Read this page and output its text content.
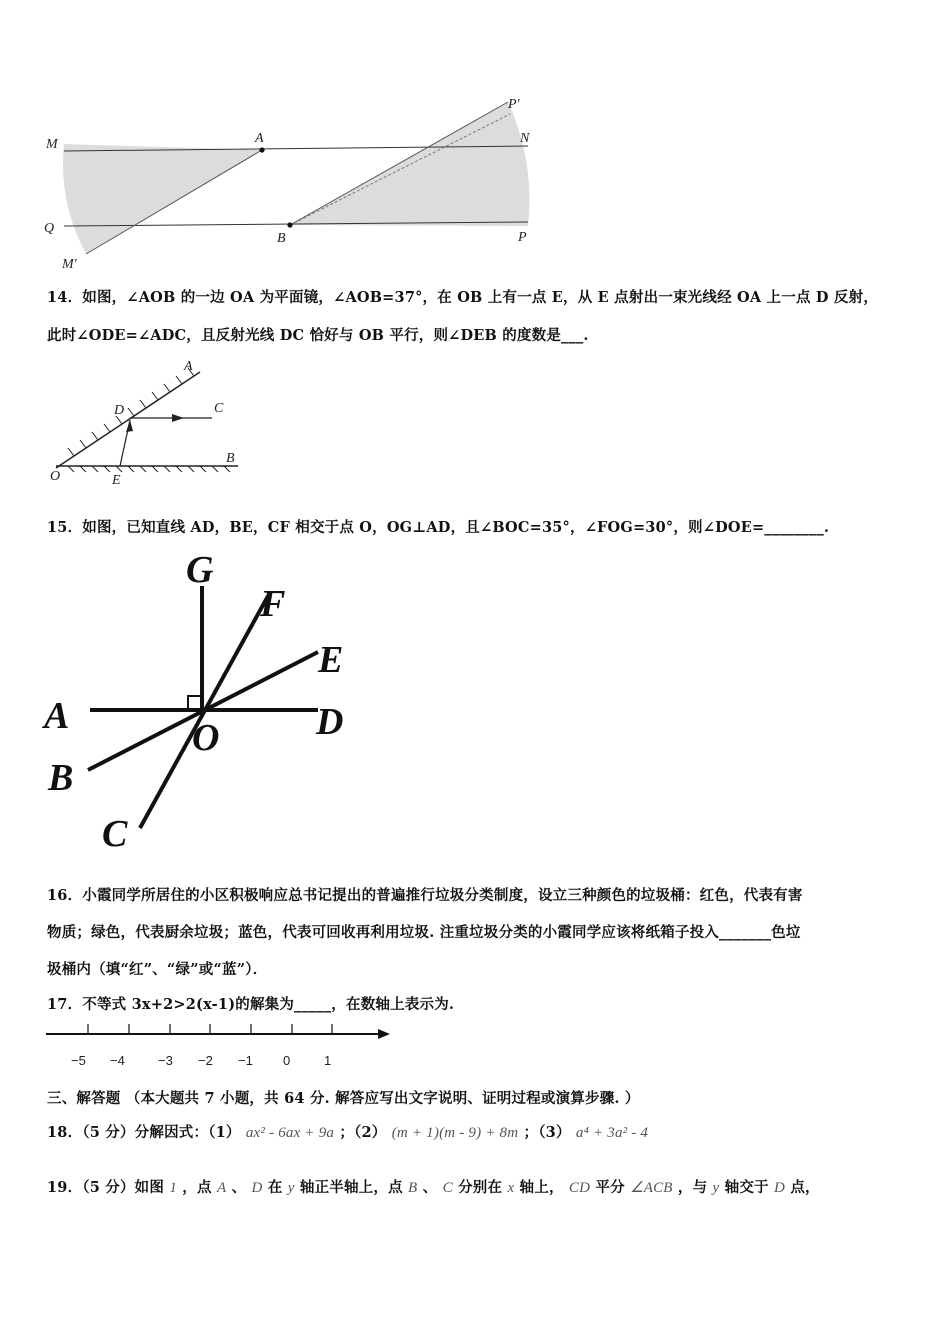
M	A
P′
N
Q
B	P
M′
14．如图，∠AOB 的一边 OA 为平面镜，∠AOB=37°，在 OB 上有一点 E，从 E 点射出一束光线经 OA 上一点 D 反射，
此时∠ODE=∠ADC，且反射光线 DC 恰好与 OB 平行，则∠DEB 的度数是___.
A
C
D
O	E
B
15．如图，已知直线 AD，BE，CF 相交于点 O，OG⊥AD，且∠BOC=35°，∠FOG=30°，则∠DOE=________.
G
F
E
A
O	D
B
C
16．小霞同学所居住的小区积极响应总书记提出的普遍推行垃圾分类制度，设立三种颜色的垃圾桶：红色，代表有害
物质；绿色，代表厨余垃圾；蓝色，代表可回收再利用垃圾. 注重垃圾分类的小霞同学应该将纸箱子投入_______色垃
圾桶内（填“红”、“绿”或“蓝”）．
17．不等式 3x+2>2(x-1)的解集为_____，在数轴上表示为.
−5 −4	−3 −2 −1 0	1
三、解答题 （本大题共 7 小题，共 64 分. 解答应写出文字说明、证明过程或演算步骤. ）
18．（5 分）分解因式：（1） ax² - 6ax + 9a ；（2） (m + 1)(m - 9) + 8m ；（3） a⁴ + 3a² - 4
19．（5 分）如图 1 ，点 A 、 D 在 y 轴正半轴上，点 B 、 C 分别在 x 轴上， CD 平分 ∠ACB ，与 y 轴交于 D 点，
